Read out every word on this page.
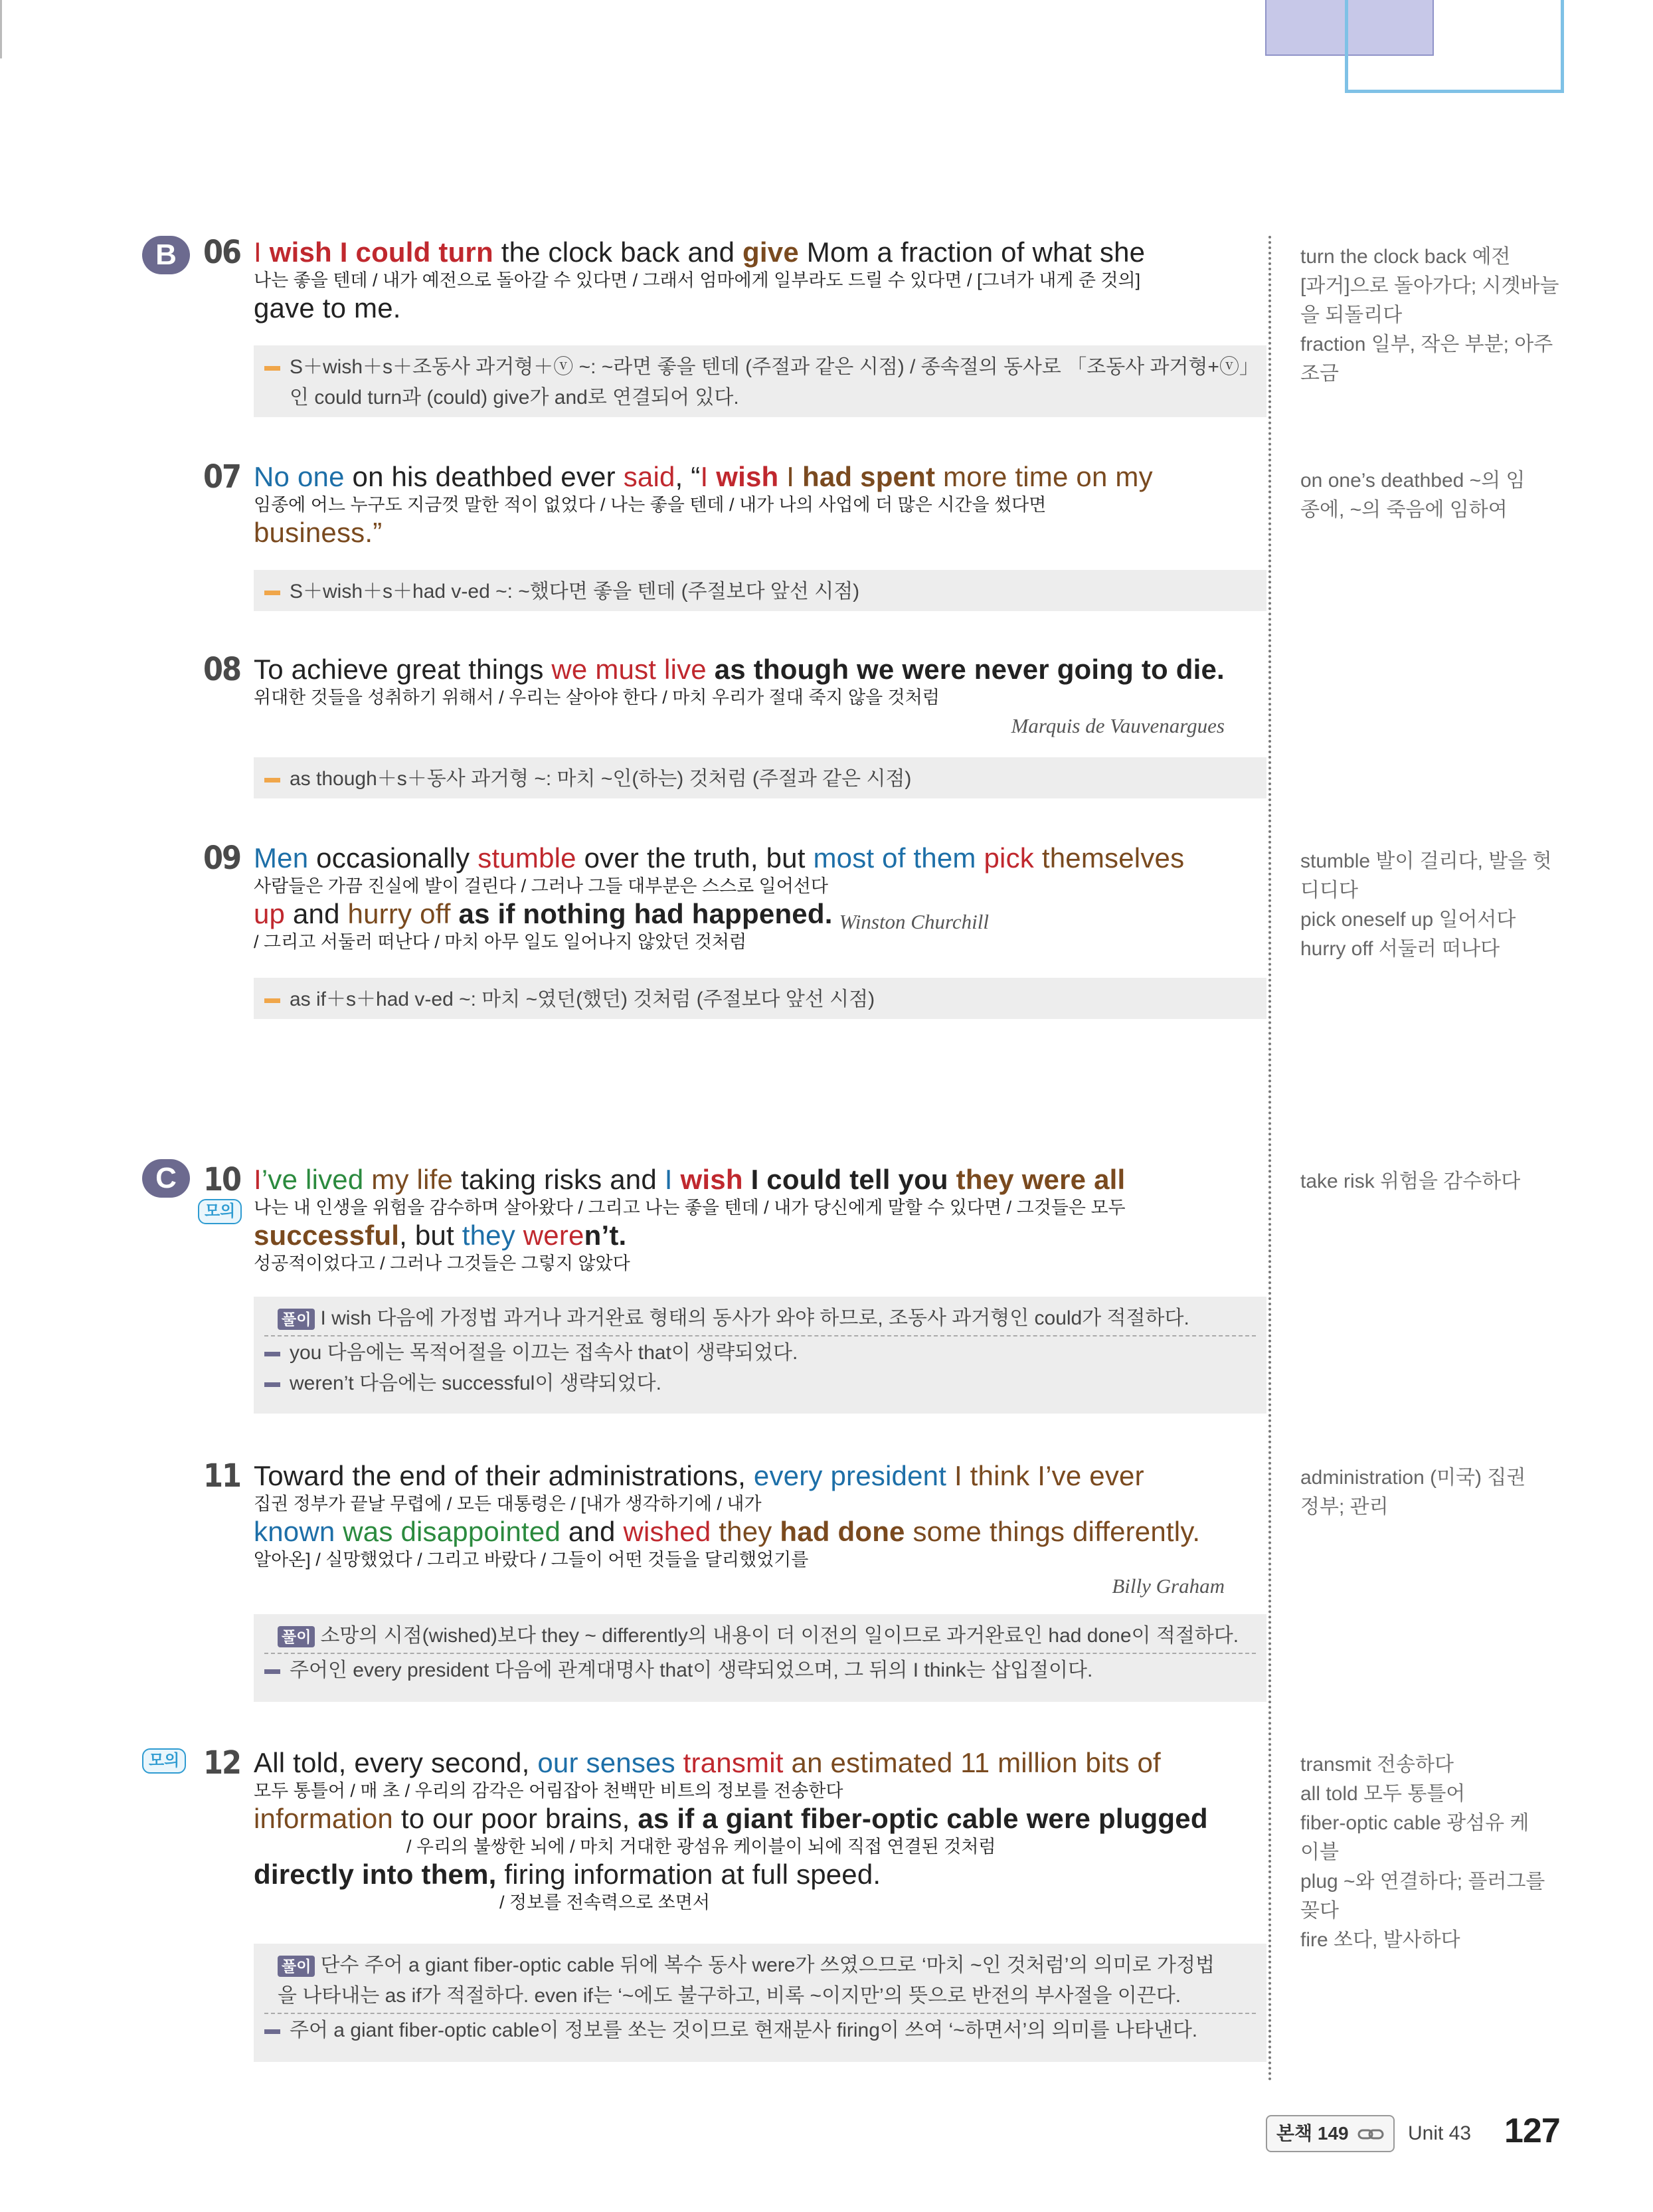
B 06 I wish I could turn the clock back and give Mom a fraction of what she
나는 좋을 텐데 / 내가 예전으로 돌아갈 수 있다면 / 그래서 엄마에게 일부라도 드릴 수 있다면 / [그녀가 내게 준 것의]
gave to me.
S＋wish＋s＋조동사 과거형＋ⓥ ~: ~라면 좋을 텐데 (주절과 같은 시점) / 종속절의 동사로 「조동사 과거형+ⓥ」
인 could turn과 (could) give가 and로 연결되어 있다.
turn the clock back 예전
[과거]으로 돌아가다; 시곗바늘
을 되돌리다
fraction 일부, 작은 부분; 아주
조금
07 No one on his deathbed ever said, “I wish I had spent more time on my
임종에 어느 누구도 지금껏 말한 적이 없었다 / 나는 좋을 텐데 / 내가 나의 사업에 더 많은 시간을 썼다면
business.”
S＋wish＋s＋had v-ed ~: ~했다면 좋을 텐데 (주절보다 앞선 시점)
on one’s deathbed ~의 임
종에, ~의 죽음에 임하여
08 To achieve great things we must live as though we were never going to die.
위대한 것들을 성취하기 위해서 / 우리는 살아야 한다 / 마치 우리가 절대 죽지 않을 것처럼
Marquis de Vauvenargues
as though＋s＋동사 과거형 ~: 마치 ~인(하는) 것처럼 (주절과 같은 시점)
09 Men occasionally stumble over the truth, but most of them pick themselves
사람들은 가끔 진실에 발이 걸린다 / 그러나 그들 대부분은 스스로 일어선다
up and hurry off as if nothing had happened.
/ 그리고 서둘러 떠난다 / 마치 아무 일도 일어나지 않았던 것처럼
Winston Churchill
as if＋s＋had v-ed ~: 마치 ~였던(했던) 것처럼 (주절보다 앞선 시점)
stumble 발이 걸리다, 발을 헛
디디다
pick oneself up 일어서다
hurry off 서둘러 떠나다
C
모의
10 I’ve lived my life taking risks and I wish I could tell you they were all
나는 내 인생을 위험을 감수하며 살아왔다 / 그리고 나는 좋을 텐데 / 내가 당신에게 말할 수 있다면 / 그것들은 모두
successful, but they weren’t.
성공적이었다고 / 그러나 그것들은 그렇지 않았다
풀이 I wish 다음에 가정법 과거나 과거완료 형태의 동사가 와야 하므로, 조동사 과거형인 could가 적절하다.
you 다음에는 목적어절을 이끄는 접속사 that이 생략되었다.
weren’t 다음에는 successful이 생략되었다.
take risk 위험을 감수하다
11 Toward the end of their administrations, every president I think I’ve ever
집권 정부가 끝날 무렵에 / 모든 대통령은 / [내가 생각하기에 / 내가
known was disappointed and wished they had done some things differently.
알아온] / 실망했었다 / 그리고 바랐다 / 그들이 어떤 것들을 달리했었기를
Billy Graham
풀이 소망의 시점(wished)보다 they ~ differently의 내용이 더 이전의 일이므로 과거완료인 had done이 적절하다.
주어인 every president 다음에 관계대명사 that이 생략되었으며, 그 뒤의 I think는 삽입절이다.
administration (미국) 집권
정부; 관리
모의 12 All told, every second, our senses transmit an estimated 11 million bits of
모두 통틀어 / 매 초 / 우리의 감각은 어림잡아 천백만 비트의 정보를 전송한다
information to our poor brains, as if a giant fiber-optic cable were plugged
/ 우리의 불쌍한 뇌에 / 마치 거대한 광섬유 케이블이 뇌에 직접 연결된 것처럼
directly into them, firing information at full speed.
/ 정보를 전속력으로 쏘면서
풀이 단수 주어 a giant fiber-optic cable 뒤에 복수 동사 were가 쓰였으므로 ‘마치 ~인 것처럼’의 의미로 가정법
을 나타내는 as if가 적절하다. even if는 ‘~에도 불구하고, 비록 ~이지만’의 뜻으로 반전의 부사절을 이끈다.
주어 a giant fiber-optic cable이 정보를 쏘는 것이므로 현재분사 firing이 쓰여 ‘~하면서’의 의미를 나타낸다.
transmit 전송하다
all told 모두 통틀어
fiber-optic cable 광섬유 케
이블
plug ~와 연결하다; 플러그를
꽂다
fire 쏘다, 발사하다
본책 149	Unit 43 127
